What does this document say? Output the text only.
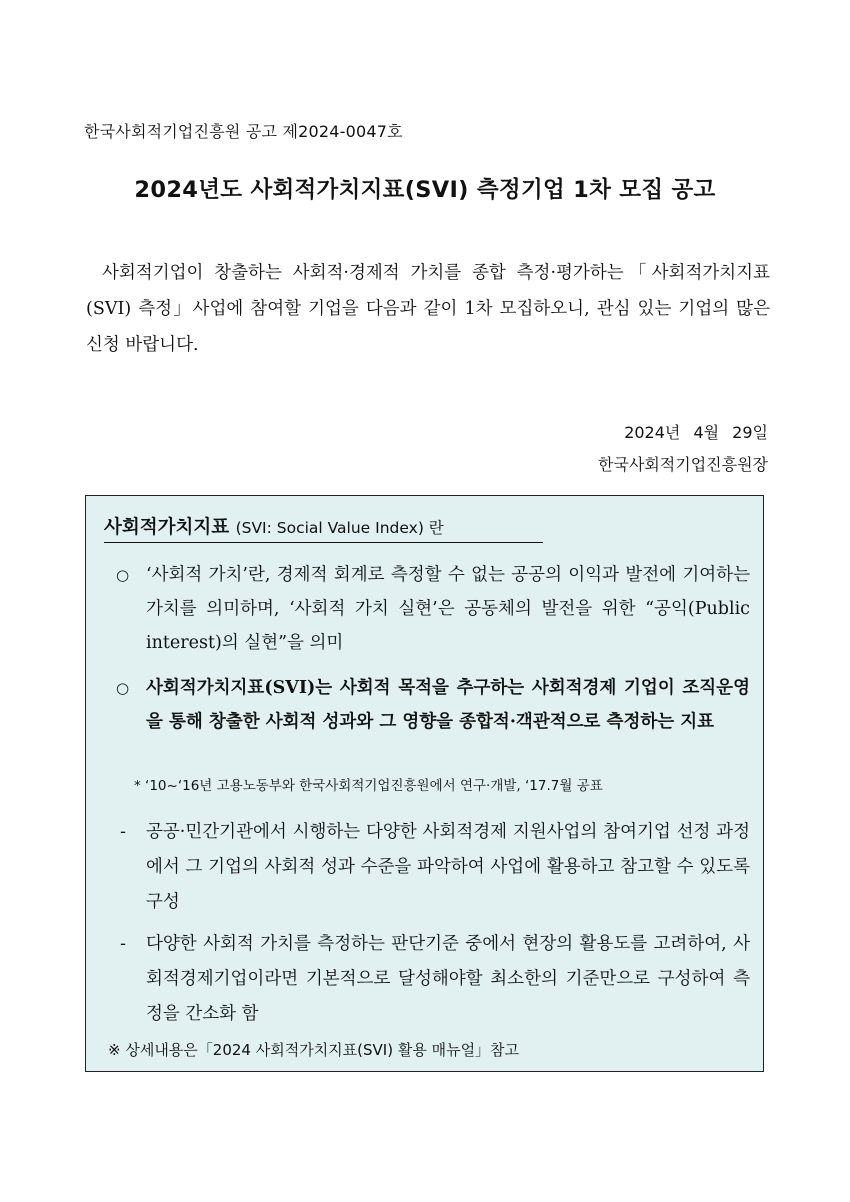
한국사회적기업진흥원 공고 제2024-0047호
2024년도 사회적가치지표(SVI) 측정기업 1차 모집 공고
사회적기업이 창출하는 사회적·경제적 가치를 종합 측정·평가하는「사회적가치지표(SVI) 측정」사업에 참여할 기업을 다음과 같이 1차 모집하오니, 관심 있는 기업의 많은 신청 바랍니다.
2024년 4월 29일
한국사회적기업진흥원장
사회적가치지표 (SVI: Social Value Index) 란
○ ‘사회적 가치’란, 경제적 회계로 측정할 수 없는 공공의 이익과 발전에 기여하는 가치를 의미하며, ‘사회적 가치 실현’은 공동체의 발전을 위한 “공익(Public interest)의 실현”을 의미
○ 사회적가치지표(SVI)는 사회적 목적을 추구하는 사회적경제 기업이 조직운영을 통해 창출한 사회적 성과와 그 영향을 종합적·객관적으로 측정하는 지표
* ‘10~‘16년 고용노동부와 한국사회적기업진흥원에서 연구·개발, ‘17.7월 공표
- 공공·민간기관에서 시행하는 다양한 사회적경제 지원사업의 참여기업 선정 과정에서 그 기업의 사회적 성과 수준을 파악하여 사업에 활용하고 참고할 수 있도록 구성
- 다양한 사회적 가치를 측정하는 판단기준 중에서 현장의 활용도를 고려하여, 사회적경제기업이라면 기본적으로 달성해야할 최소한의 기준만으로 구성하여 측정을 간소화 함
※ 상세내용은「2024 사회적가치지표(SVI) 활용 매뉴얼」참고
